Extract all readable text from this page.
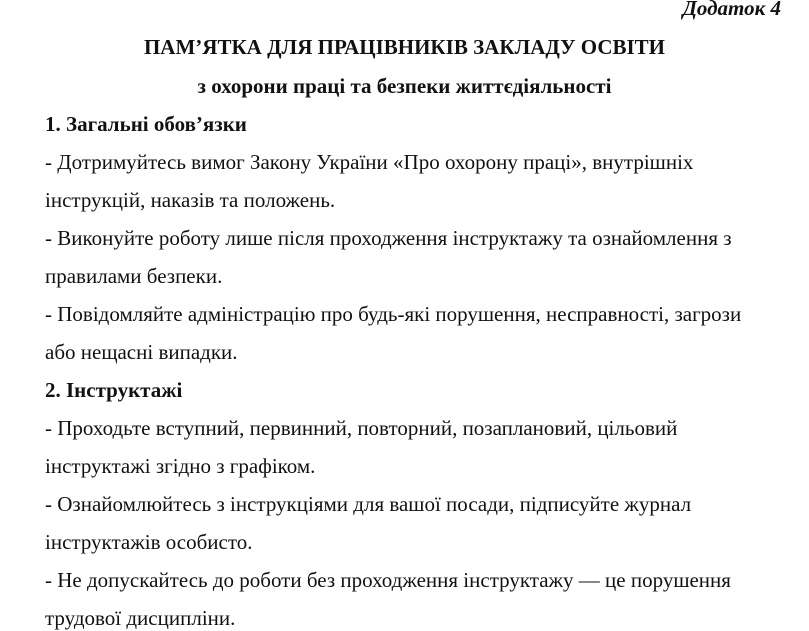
Додаток 4
ПАМ’ЯТКА ДЛЯ ПРАЦІВНИКІВ ЗАКЛАДУ ОСВІТИ
з охорони праці та безпеки життєдіяльності
1. Загальні обов’язки
- Дотримуйтесь вимог Закону України «Про охорону праці», внутрішніх
інструкцій, наказів та положень.
- Виконуйте роботу лише після проходження інструктажу та ознайомлення з
правилами безпеки.
- Повідомляйте адміністрацію про будь-які порушення, несправності, загрози
або нещасні випадки.
2. Інструктажі
- Проходьте вступний, первинний, повторний, позаплановий, цільовий
інструктажі згідно з графіком.
- Ознайомлюйтесь з інструкціями для вашої посади, підписуйте журнал
інструктажів особисто.
- Не допускайтесь до роботи без проходження інструктажу — це порушення
трудової дисципліни.
